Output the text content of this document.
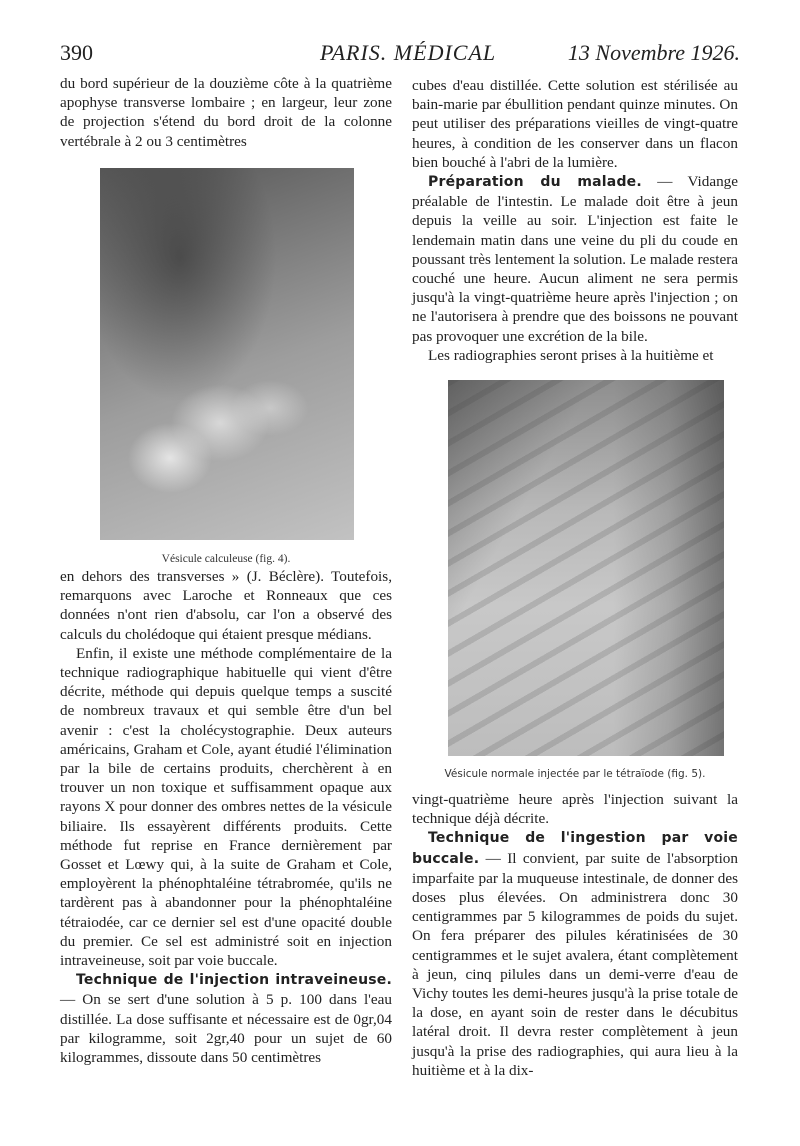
390	PARIS. MÉDICAL	13 Novembre 1926.

du bord supérieur de la douzième côte à la quatrième apophyse transverse lombaire ; en largeur, leur zone de projection s'étend du bord droit de la colonne vertébrale à 2 ou 3 centimètres

Vésicule calculeuse (fig. 4).

en dehors des transverses » (J. Béclère). Toutefois, remarquons avec Laroche et Ronneaux que ces données n'ont rien d'absolu, car l'on a observé des calculs du cholédoque qui étaient presque médians.

Enfin, il existe une méthode complémentaire de la technique radiographique habituelle qui vient d'être décrite, méthode qui depuis quelque temps a suscité de nombreux travaux et qui semble être d'un bel avenir : c'est la cholécystographie. Deux auteurs américains, Graham et Cole, ayant étudié l'élimination par la bile de certains produits, cherchèrent à en trouver un non toxique et suffisamment opaque aux rayons X pour donner des ombres nettes de la vésicule biliaire. Ils essayèrent différents produits. Cette méthode fut reprise en France dernièrement par Gosset et Lœwy qui, à la suite de Graham et Cole, employèrent la phénophtaléine tétrabromée, qu'ils ne tardèrent pas à abandonner pour la phénophtaléine tétraiodée, car ce dernier sel est d'une opacité double du premier. Ce sel est administré soit en injection intraveineuse, soit par voie buccale.

Technique de l'injection intraveineuse. — On se sert d'une solution à 5 p. 100 dans l'eau distillée. La dose suffisante et nécessaire est de 0gr,04 par kilogramme, soit 2gr,40 pour un sujet de 60 kilogrammes, dissoute dans 50 centimètres

cubes d'eau distillée. Cette solution est stérilisée au bain-marie par ébullition pendant quinze minutes. On peut utiliser des préparations vieilles de vingt-quatre heures, à condition de les conserver dans un flacon bien bouché à l'abri de la lumière.

Préparation du malade. — Vidange préalable de l'intestin. Le malade doit être à jeun depuis la veille au soir. L'injection est faite le lendemain matin dans une veine du pli du coude en poussant très lentement la solution. Le malade restera couché une heure. Aucun aliment ne sera permis jusqu'à la vingt-quatrième heure après l'injection ; on ne l'autorisera à prendre que des boissons ne pouvant pas provoquer une excrétion de la bile.

Les radiographies seront prises à la huitième et

Vésicule normale injectée par le tétraïode (fig. 5).

vingt-quatrième heure après l'injection suivant la technique déjà décrite.

Technique de l'ingestion par voie buccale. — Il convient, par suite de l'absorption imparfaite par la muqueuse intestinale, de donner des doses plus élevées. On administrera donc 30 centigrammes par 5 kilogrammes de poids du sujet. On fera préparer des pilules kératinisées de 30 centigrammes et le sujet avalera, étant complètement à jeun, cinq pilules dans un demi-verre d'eau de Vichy toutes les demi-heures jusqu'à la prise totale de la dose, en ayant soin de rester dans le décubitus latéral droit. Il devra rester complètement à jeun jusqu'à la prise des radiographies, qui aura lieu à la huitième et à la dix-
